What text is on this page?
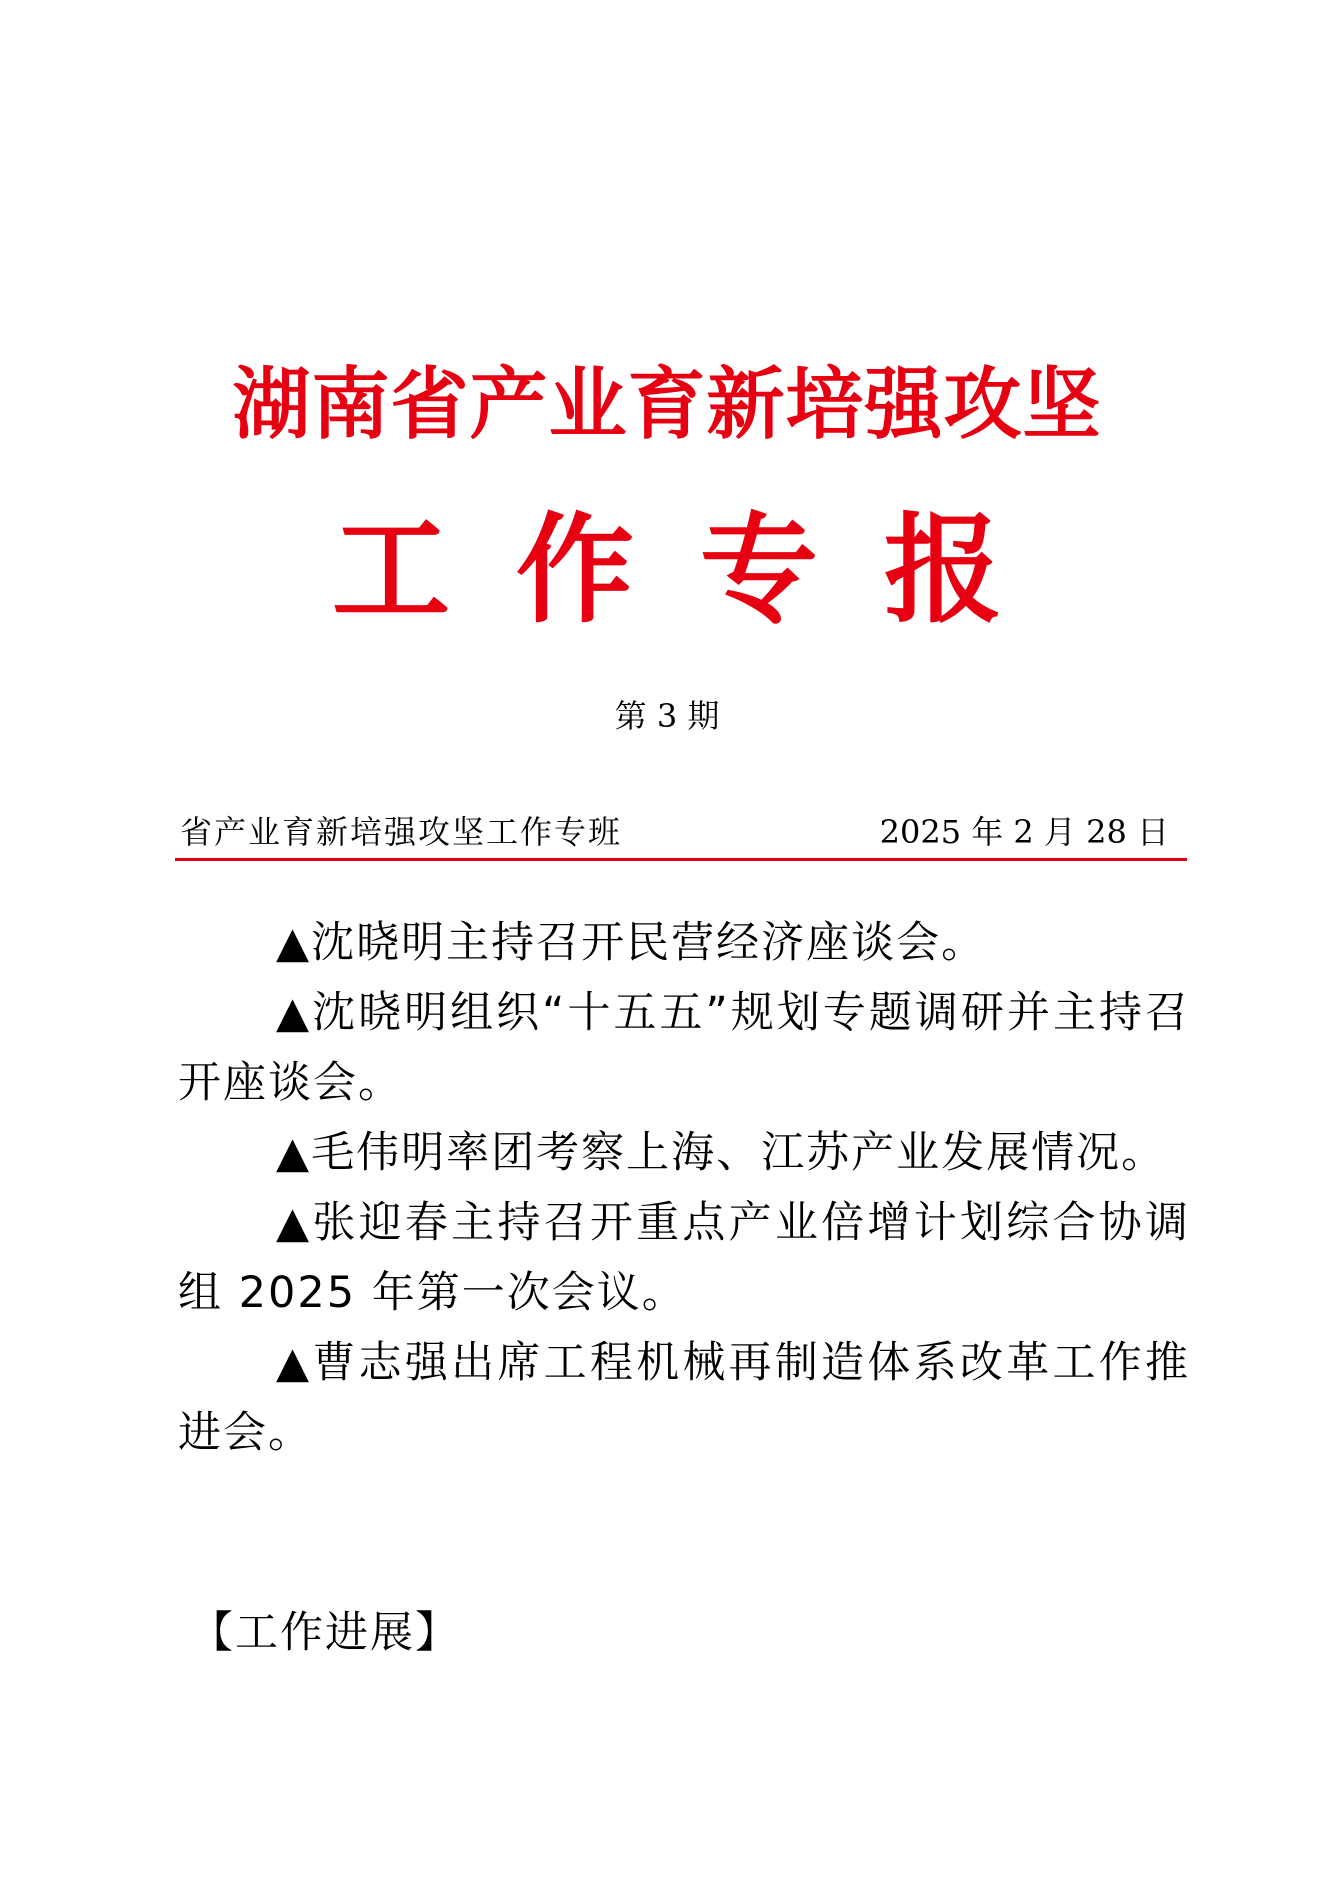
湖南省产业育新培强攻坚
工作专报
第 3 期
省产业育新培强攻坚工作专班	2025 年 2 月 28 日

▲沈晓明主持召开民营经济座谈会。

▲沈晓明组织“十五五”规划专题调研并主持召开座谈会。

▲毛伟明率团考察上海、江苏产业发展情况。

▲张迎春主持召开重点产业倍增计划综合协调组 2025 年第一次会议。

▲曹志强出席工程机械再制造体系改革工作推进会。

【工作进展】
